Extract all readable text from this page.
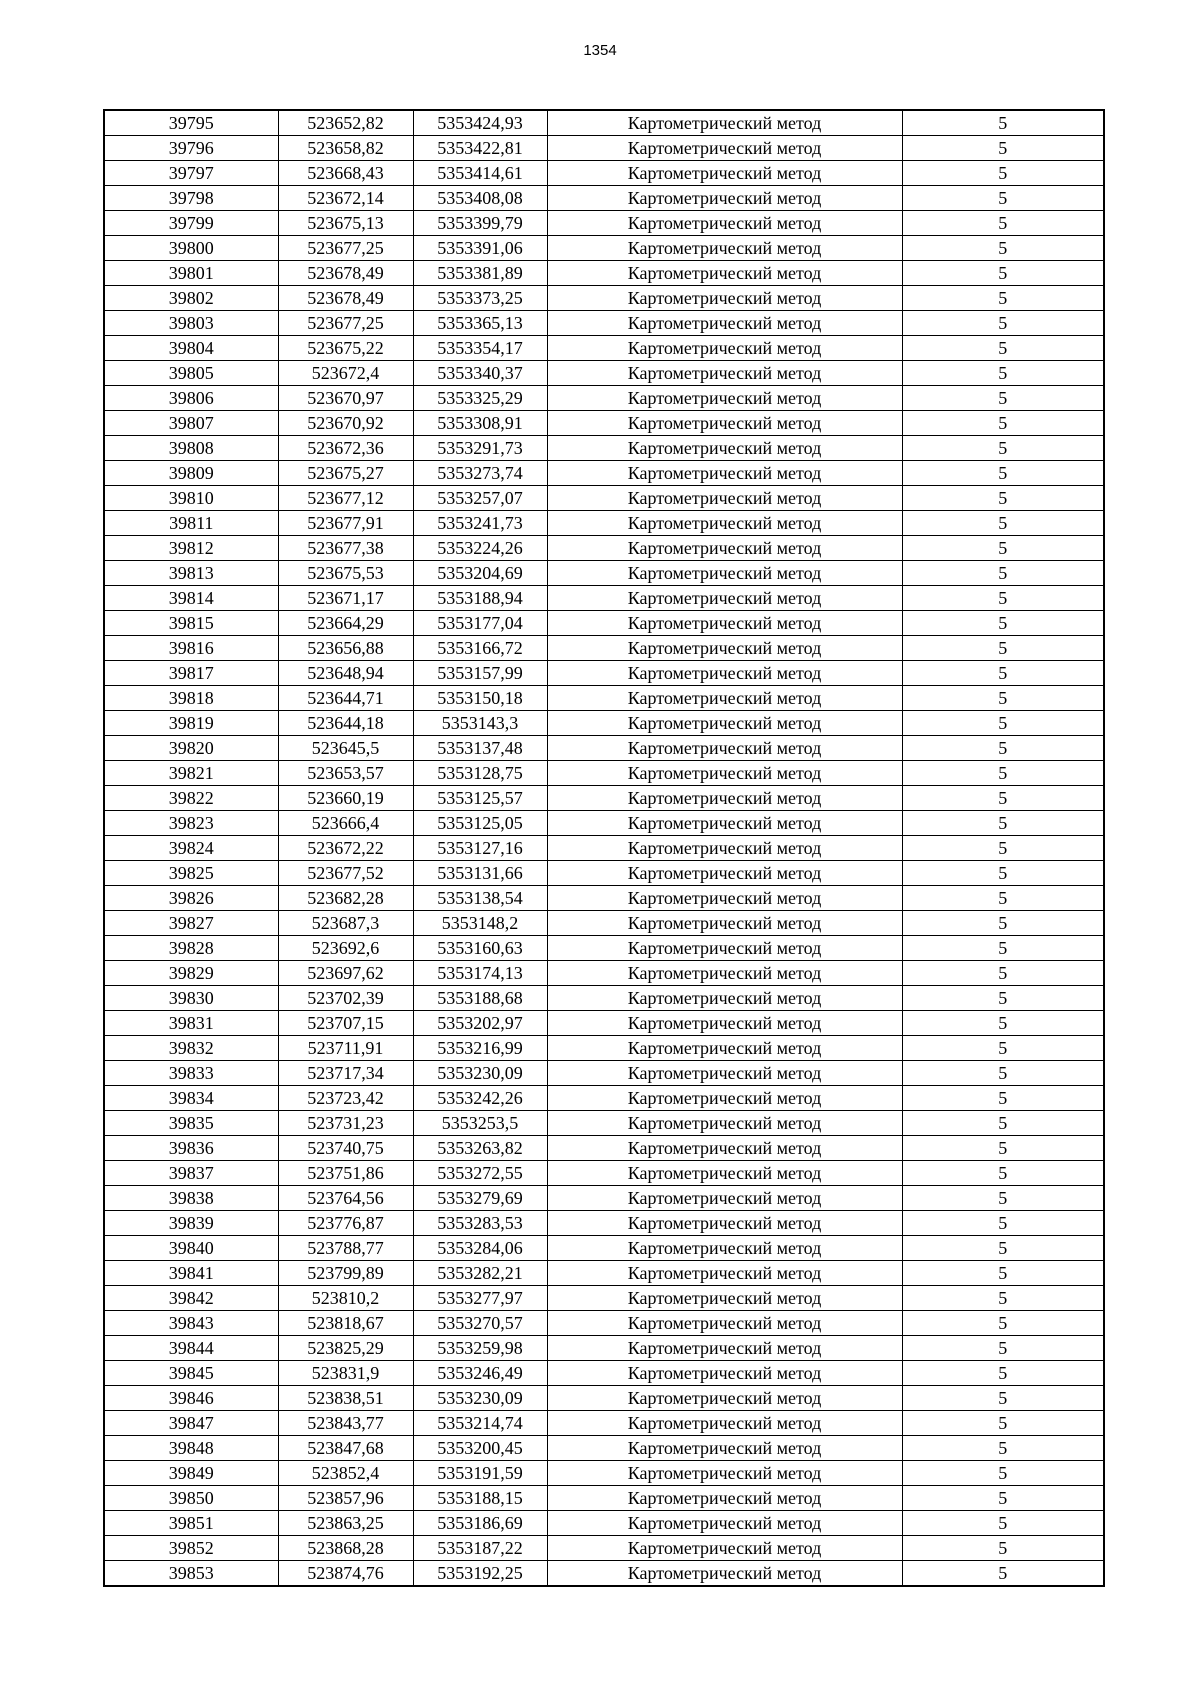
1354
39795	523652,82	5353424,93	Картометрический метод	5
39796	523658,82	5353422,81	Картометрический метод	5
39797	523668,43	5353414,61	Картометрический метод	5
39798	523672,14	5353408,08	Картометрический метод	5
39799	523675,13	5353399,79	Картометрический метод	5
39800	523677,25	5353391,06	Картометрический метод	5
39801	523678,49	5353381,89	Картометрический метод	5
39802	523678,49	5353373,25	Картометрический метод	5
39803	523677,25	5353365,13	Картометрический метод	5
39804	523675,22	5353354,17	Картометрический метод	5
39805	523672,4	5353340,37	Картометрический метод	5
39806	523670,97	5353325,29	Картометрический метод	5
39807	523670,92	5353308,91	Картометрический метод	5
39808	523672,36	5353291,73	Картометрический метод	5
39809	523675,27	5353273,74	Картометрический метод	5
39810	523677,12	5353257,07	Картометрический метод	5
39811	523677,91	5353241,73	Картометрический метод	5
39812	523677,38	5353224,26	Картометрический метод	5
39813	523675,53	5353204,69	Картометрический метод	5
39814	523671,17	5353188,94	Картометрический метод	5
39815	523664,29	5353177,04	Картометрический метод	5
39816	523656,88	5353166,72	Картометрический метод	5
39817	523648,94	5353157,99	Картометрический метод	5
39818	523644,71	5353150,18	Картометрический метод	5
39819	523644,18	5353143,3	Картометрический метод	5
39820	523645,5	5353137,48	Картометрический метод	5
39821	523653,57	5353128,75	Картометрический метод	5
39822	523660,19	5353125,57	Картометрический метод	5
39823	523666,4	5353125,05	Картометрический метод	5
39824	523672,22	5353127,16	Картометрический метод	5
39825	523677,52	5353131,66	Картометрический метод	5
39826	523682,28	5353138,54	Картометрический метод	5
39827	523687,3	5353148,2	Картометрический метод	5
39828	523692,6	5353160,63	Картометрический метод	5
39829	523697,62	5353174,13	Картометрический метод	5
39830	523702,39	5353188,68	Картометрический метод	5
39831	523707,15	5353202,97	Картометрический метод	5
39832	523711,91	5353216,99	Картометрический метод	5
39833	523717,34	5353230,09	Картометрический метод	5
39834	523723,42	5353242,26	Картометрический метод	5
39835	523731,23	5353253,5	Картометрический метод	5
39836	523740,75	5353263,82	Картометрический метод	5
39837	523751,86	5353272,55	Картометрический метод	5
39838	523764,56	5353279,69	Картометрический метод	5
39839	523776,87	5353283,53	Картометрический метод	5
39840	523788,77	5353284,06	Картометрический метод	5
39841	523799,89	5353282,21	Картометрический метод	5
39842	523810,2	5353277,97	Картометрический метод	5
39843	523818,67	5353270,57	Картометрический метод	5
39844	523825,29	5353259,98	Картометрический метод	5
39845	523831,9	5353246,49	Картометрический метод	5
39846	523838,51	5353230,09	Картометрический метод	5
39847	523843,77	5353214,74	Картометрический метод	5
39848	523847,68	5353200,45	Картометрический метод	5
39849	523852,4	5353191,59	Картометрический метод	5
39850	523857,96	5353188,15	Картометрический метод	5
39851	523863,25	5353186,69	Картометрический метод	5
39852	523868,28	5353187,22	Картометрический метод	5
39853	523874,76	5353192,25	Картометрический метод	5
